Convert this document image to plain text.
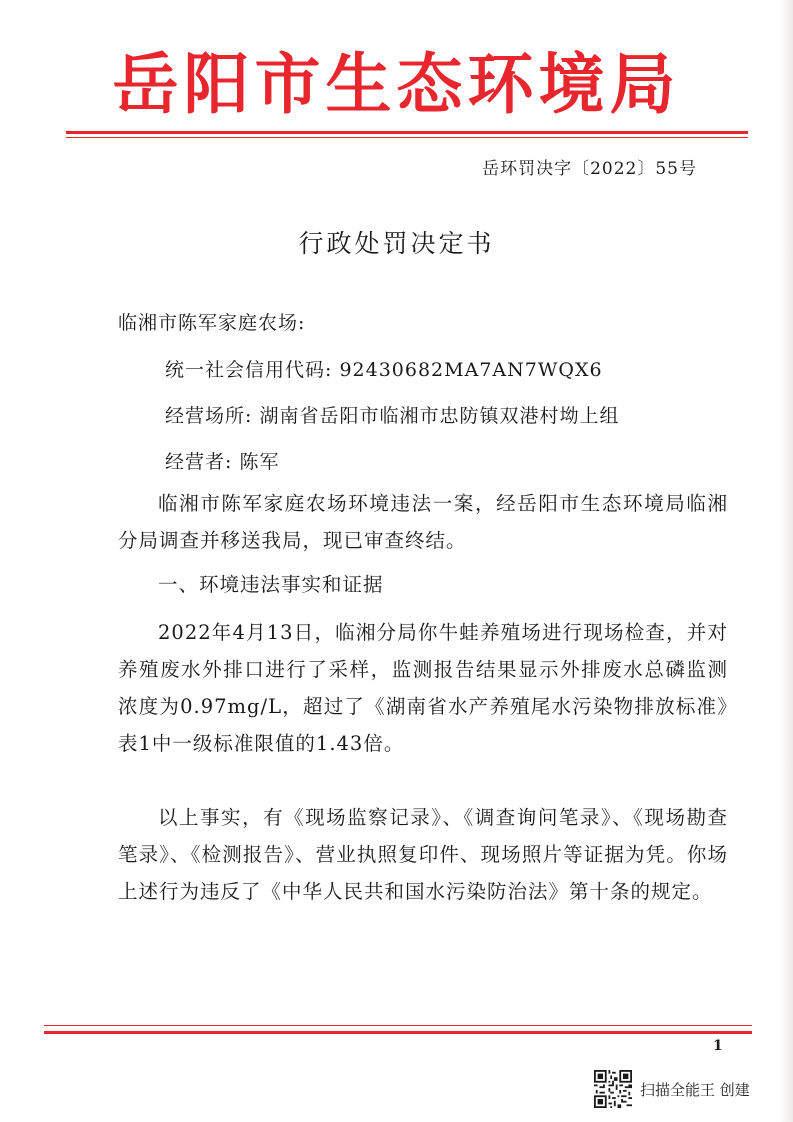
岳阳市生态环境局
岳环罚决字〔2022〕55号
行政处罚决定书
临湘市陈军家庭农场:
统一社会信用代码: 92430682MA7AN7WQX6
经营场所: 湖南省岳阳市临湘市忠防镇双港村坳上组
经营者: 陈军

临湘市陈军家庭农场环境违法一案，经岳阳市生态环境局临湘分局调查并移送我局，现已审查终结。

一、环境违法事实和证据

2022年4月13日，临湘分局你牛蛙养殖场进行现场检查，并对养殖废水外排口进行了采样，监测报告结果显示外排废水总磷监测浓度为0.97mg/L，超过了《湖南省水产养殖尾水污染物排放标准》表1中一级标准限值的1.43倍。

以上事实，有《现场监察记录》、《调查询问笔录》、《现场勘查笔录》、《检测报告》、营业执照复印件、现场照片等证据为凭。你场上述行为违反了《中华人民共和国水污染防治法》第十条的规定。

1
扫描全能王 创建
